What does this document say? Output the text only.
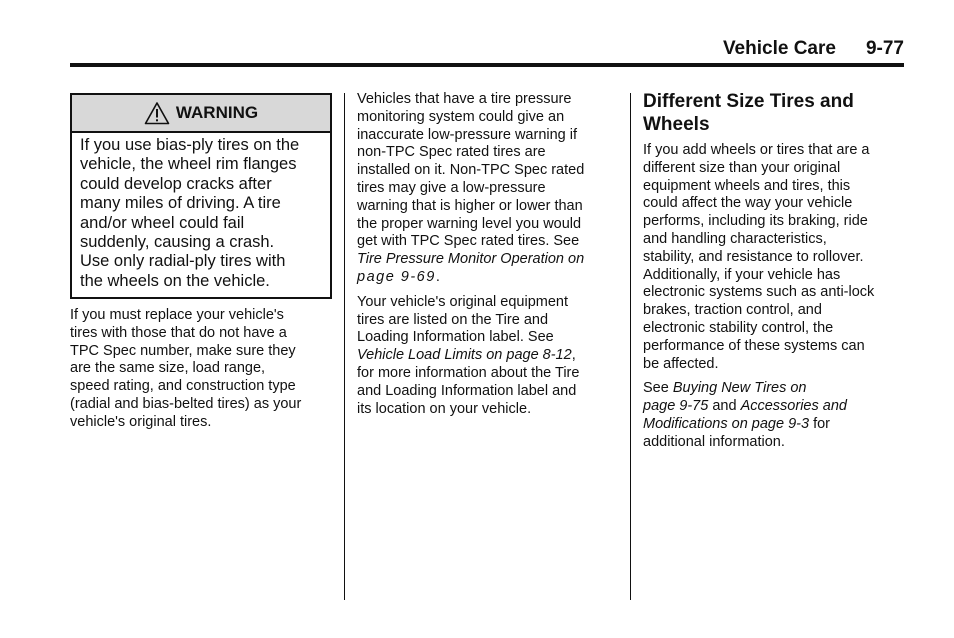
Vehicle Care 9-77
WARNING
If you use bias-ply tires on the
vehicle, the wheel rim flanges
could develop cracks after
many miles of driving. A tire
and/or wheel could fail
suddenly, causing a crash.
Use only radial-ply tires with
the wheels on the vehicle.
If you must replace your vehicle's
tires with those that do not have a
TPC Spec number, make sure they
are the same size, load range,
speed rating, and construction type
(radial and bias-belted tires) as your
vehicle's original tires.
Vehicles that have a tire pressure
monitoring system could give an
inaccurate low-pressure warning if
non-TPC Spec rated tires are
installed on it. Non-TPC Spec rated
tires may give a low-pressure
warning that is higher or lower than
the proper warning level you would
get with TPC Spec rated tires. See
Tire Pressure Monitor Operation on
page 9-69.
Your vehicle's original equipment
tires are listed on the Tire and
Loading Information label. See
Vehicle Load Limits on page 8-12,
for more information about the Tire
and Loading Information label and
its location on your vehicle.
Different Size Tires and
Wheels
If you add wheels or tires that are a
different size than your original
equipment wheels and tires, this
could affect the way your vehicle
performs, including its braking, ride
and handling characteristics,
stability, and resistance to rollover.
Additionally, if your vehicle has
electronic systems such as anti-lock
brakes, traction control, and
electronic stability control, the
performance of these systems can
be affected.
See Buying New Tires on
page 9-75 and Accessories and
Modifications on page 9-3 for
additional information.
